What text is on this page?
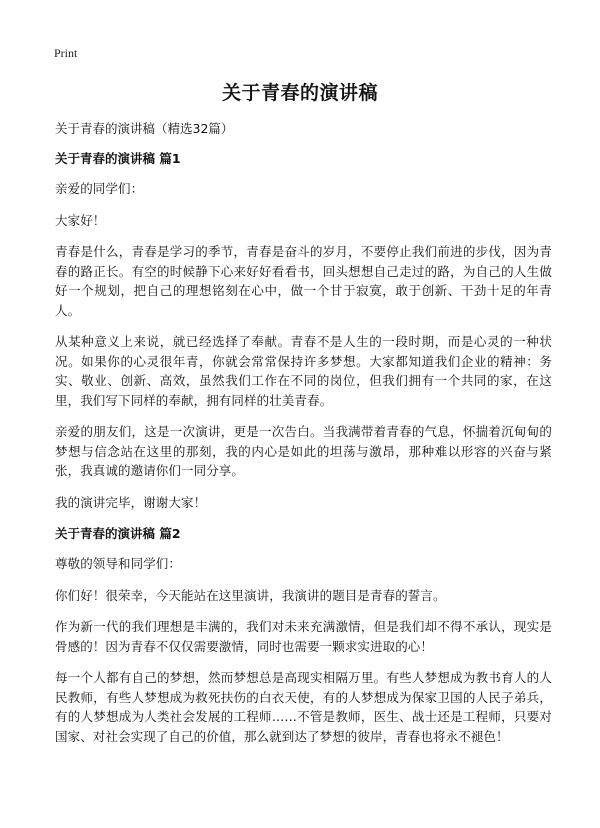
Print
关于青春的演讲稿
关于青春的演讲稿（精选32篇）
关于青春的演讲稿 篇1

亲爱的同学们：

大家好！

青春是什么，青春是学习的季节，青春是奋斗的岁月，不要停止我们前进的步伐，因为青春的路正长。有空的时候静下心来好好看看书，回头想想自己走过的路，为自己的人生做好一个规划，把自己的理想铭刻在心中，做一个甘于寂寞，敢于创新、干劲十足的年青人。

从某种意义上来说，就已经选择了奉献。青春不是人生的一段时期，而是心灵的一种状况。如果你的心灵很年青，你就会常常保持许多梦想。大家都知道我们企业的精神：务实、敬业、创新、高效，虽然我们工作在不同的岗位，但我们拥有一个共同的家，在这里，我们写下同样的奉献，拥有同样的壮美青春。

亲爱的朋友们，这是一次演讲，更是一次告白。当我满带着青春的气息，怀揣着沉甸甸的梦想与信念站在这里的那刻，我的内心是如此的坦荡与激昂，那种难以形容的兴奋与紧张，我真诚的邀请你们一同分享。

我的演讲完毕，谢谢大家！

关于青春的演讲稿 篇2

尊敬的领导和同学们：

你们好！很荣幸，今天能站在这里演讲，我演讲的题目是青春的誓言。

作为新一代的我们理想是丰满的，我们对未来充满激情，但是我们却不得不承认，现实是骨感的！因为青春不仅仅需要激情，同时也需要一颗求实进取的心！

每一个人都有自己的梦想，然而梦想总是高现实相隔万里。有些人梦想成为教书育人的人民教师，有些人梦想成为救死扶伤的白衣天使，有的人梦想成为保家卫国的人民子弟兵，有的人梦想成为人类社会发展的工程师……不管是教师，医生、战士还是工程师，只要对国家、对社会实现了自己的价值，那么就到达了梦想的彼岸，青春也将永不褪色！
